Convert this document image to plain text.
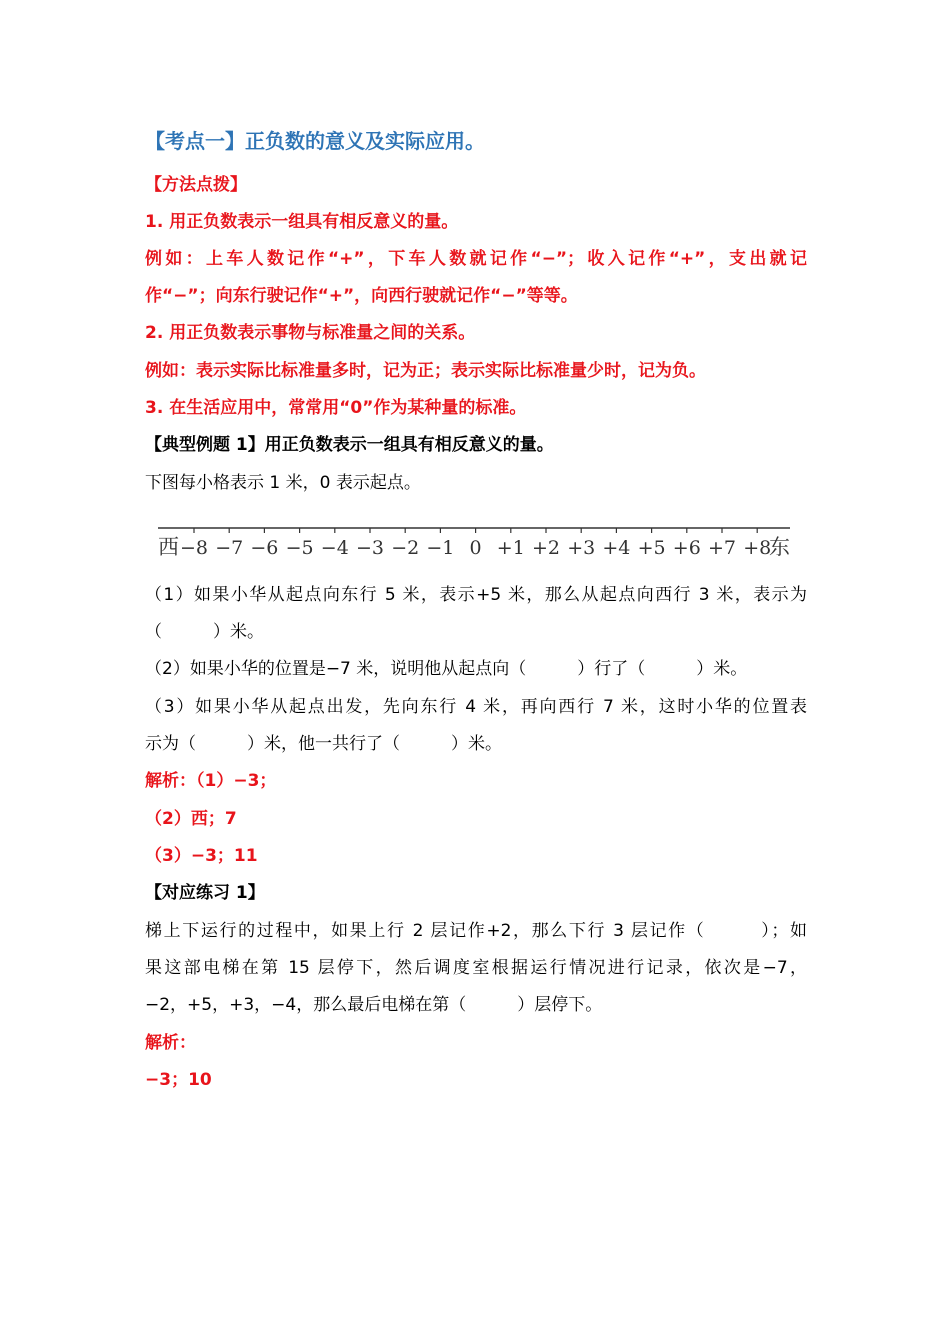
【考点一】正负数的意义及实际应用。
【方法点拨】
1. 用正负数表示一组具有相反意义的量。
例如：上车人数记作“+”，下车人数就记作“−”；收入记作“+”，支出就记
作“−”；向东行驶记作“+”，向西行驶就记作“−”等等。
2. 用正负数表示事物与标准量之间的关系。
例如：表示实际比标准量多时，记为正；表示实际比标准量少时，记为负。
3. 在生活应用中，常常用“0”作为某种量的标准。
【典型例题 1】用正负数表示一组具有相反意义的量。
下图每小格表示 1 米，0 表示起点。
西 −8 −7 −6 −5 −4 −3 −2 −1 0 +1 +2 +3 +4 +5 +6 +7 +8
东
（1）如果小华从起点向东行 5 米，表示+5 米，那么从起点向西行 3 米，表示为
（　　　）米。
（2）如果小华的位置是−7 米，说明他从起点向（　　　）行了（　　　）米。
（3）如果小华从起点出发，先向东行 4 米，再向西行 7 米，这时小华的位置表
示为（　　　）米，他一共行了（　　　）米。
解析：（1）−3；
（2）西；7
（3）−3；11
【对应练习 1】
梯上下运行的过程中，如果上行 2 层记作+2，那么下行 3 层记作（　　　）；如
果这部电梯在第 15 层停下，然后调度室根据运行情况进行记录，依次是−7，
−2，+5，+3，−4，那么最后电梯在第（　　　）层停下。
解析：
−3；10
